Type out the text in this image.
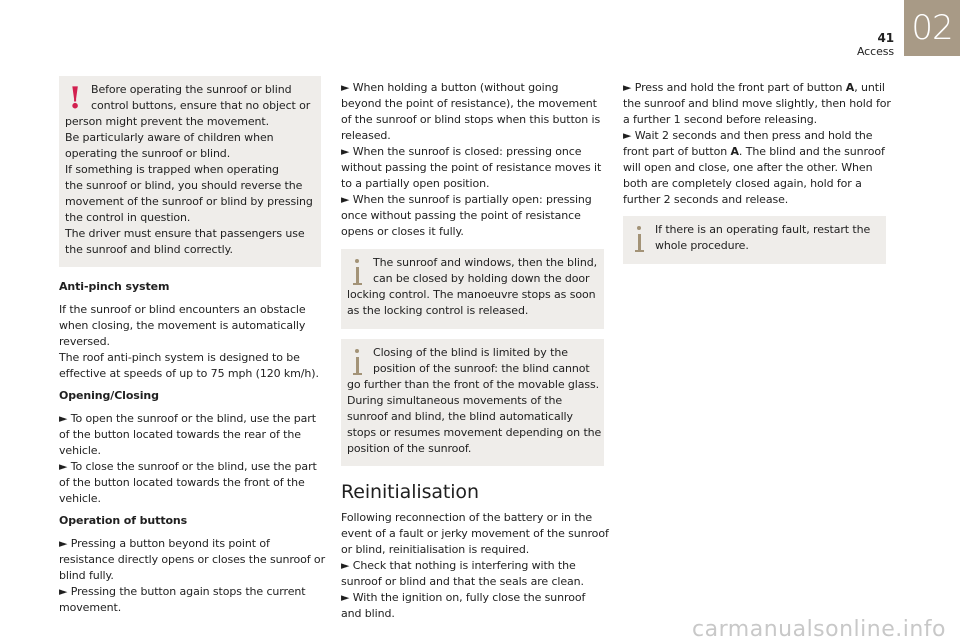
41
Access
02
! Before operating the sunroof or blind
control buttons, ensure that no object or
person might prevent the movement.
Be particularly aware of children when
operating the sunroof or blind.
If something is trapped when operating
the sunroof or blind, you should reverse the
movement of the sunroof or blind by pressing
the control in question.
The driver must ensure that passengers use
the sunroof and blind correctly.
Anti-pinch system
If the sunroof or blind encounters an obstacle
when closing, the movement is automatically
reversed.
The roof anti-pinch system is designed to be
effective at speeds of up to 75 mph (120 km/h).
Opening/Closing
► To open the sunroof or the blind, use the part
of the button located towards the rear of the
vehicle.
► To close the sunroof or the blind, use the part
of the button located towards the front of the
vehicle.
Operation of buttons
► Pressing a button beyond its point of
resistance directly opens or closes the sunroof or
blind fully.
► Pressing the button again stops the current
movement.
► When holding a button (without going
beyond the point of resistance), the movement
of the sunroof or blind stops when this button is
released.
► When the sunroof is closed: pressing once
without passing the point of resistance moves it
to a partially open position.
► When the sunroof is partially open: pressing
once without passing the point of resistance
opens or closes it fully.
The sunroof and windows, then the blind,
can be closed by holding down the door
locking control. The manoeuvre stops as soon
as the locking control is released.
Closing of the blind is limited by the
position of the sunroof: the blind cannot
go further than the front of the movable glass.
During simultaneous movements of the
sunroof and blind, the blind automatically
stops or resumes movement depending on the
position of the sunroof.
Reinitialisation
Following reconnection of the battery or in the
event of a fault or jerky movement of the sunroof
or blind, reinitialisation is required.
► Check that nothing is interfering with the
sunroof or blind and that the seals are clean.
► With the ignition on, fully close the sunroof
and blind.
► Press and hold the front part of button A, until
the sunroof and blind move slightly, then hold for
a further 1 second before releasing.
► Wait 2 seconds and then press and hold the
front part of button A. The blind and the sunroof
will open and close, one after the other. When
both are completely closed again, hold for a
further 2 seconds and release.
If there is an operating fault, restart the
whole procedure.
carmanualsonline.info
